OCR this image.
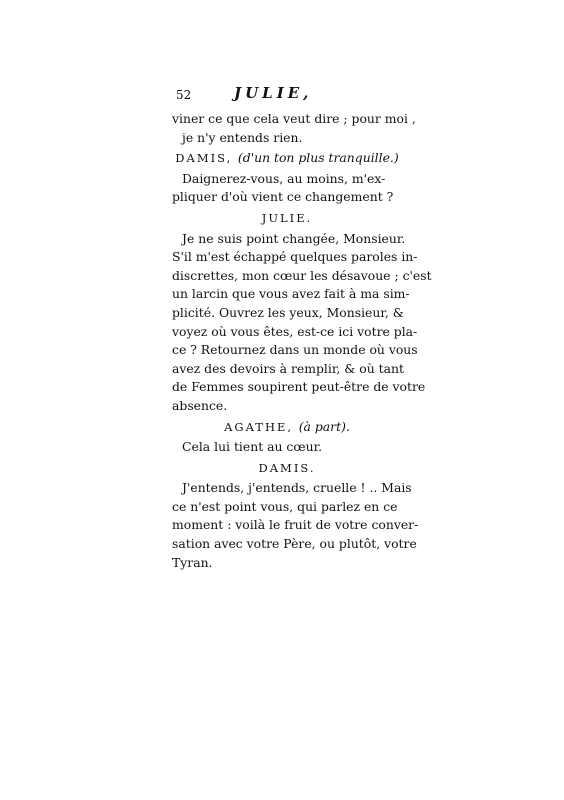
52	JULIE,
viner ce que cela veut dire ; pour moi ,
je n'y entends rien.
DAMIS, (d'un ton plus tranquille.)
Daignerez-vous, au moins, m'ex-
pliquer d'où vient ce changement ?
JULIE.
Je ne suis point changée, Monsieur.
S'il m'est échappé quelques paroles in-
discrettes, mon cœur les désavoue ; c'est
un larcin que vous avez fait à ma sim-
plicité. Ouvrez les yeux, Monsieur, &
voyez où vous êtes, est-ce ici votre pla-
ce ? Retournez dans un monde où vous
avez des devoirs à remplir, & où tant
de Femmes soupirent peut-être de votre
absence.
AGATHE, (à part).
Cela lui tient au cœur.
DAMIS.
J'entends, j'entends, cruelle ! .. Mais
ce n'est point vous, qui parlez en ce
moment : voilà le fruit de votre conver-
sation avec votre Père, ou plutôt, votre
Tyran.
